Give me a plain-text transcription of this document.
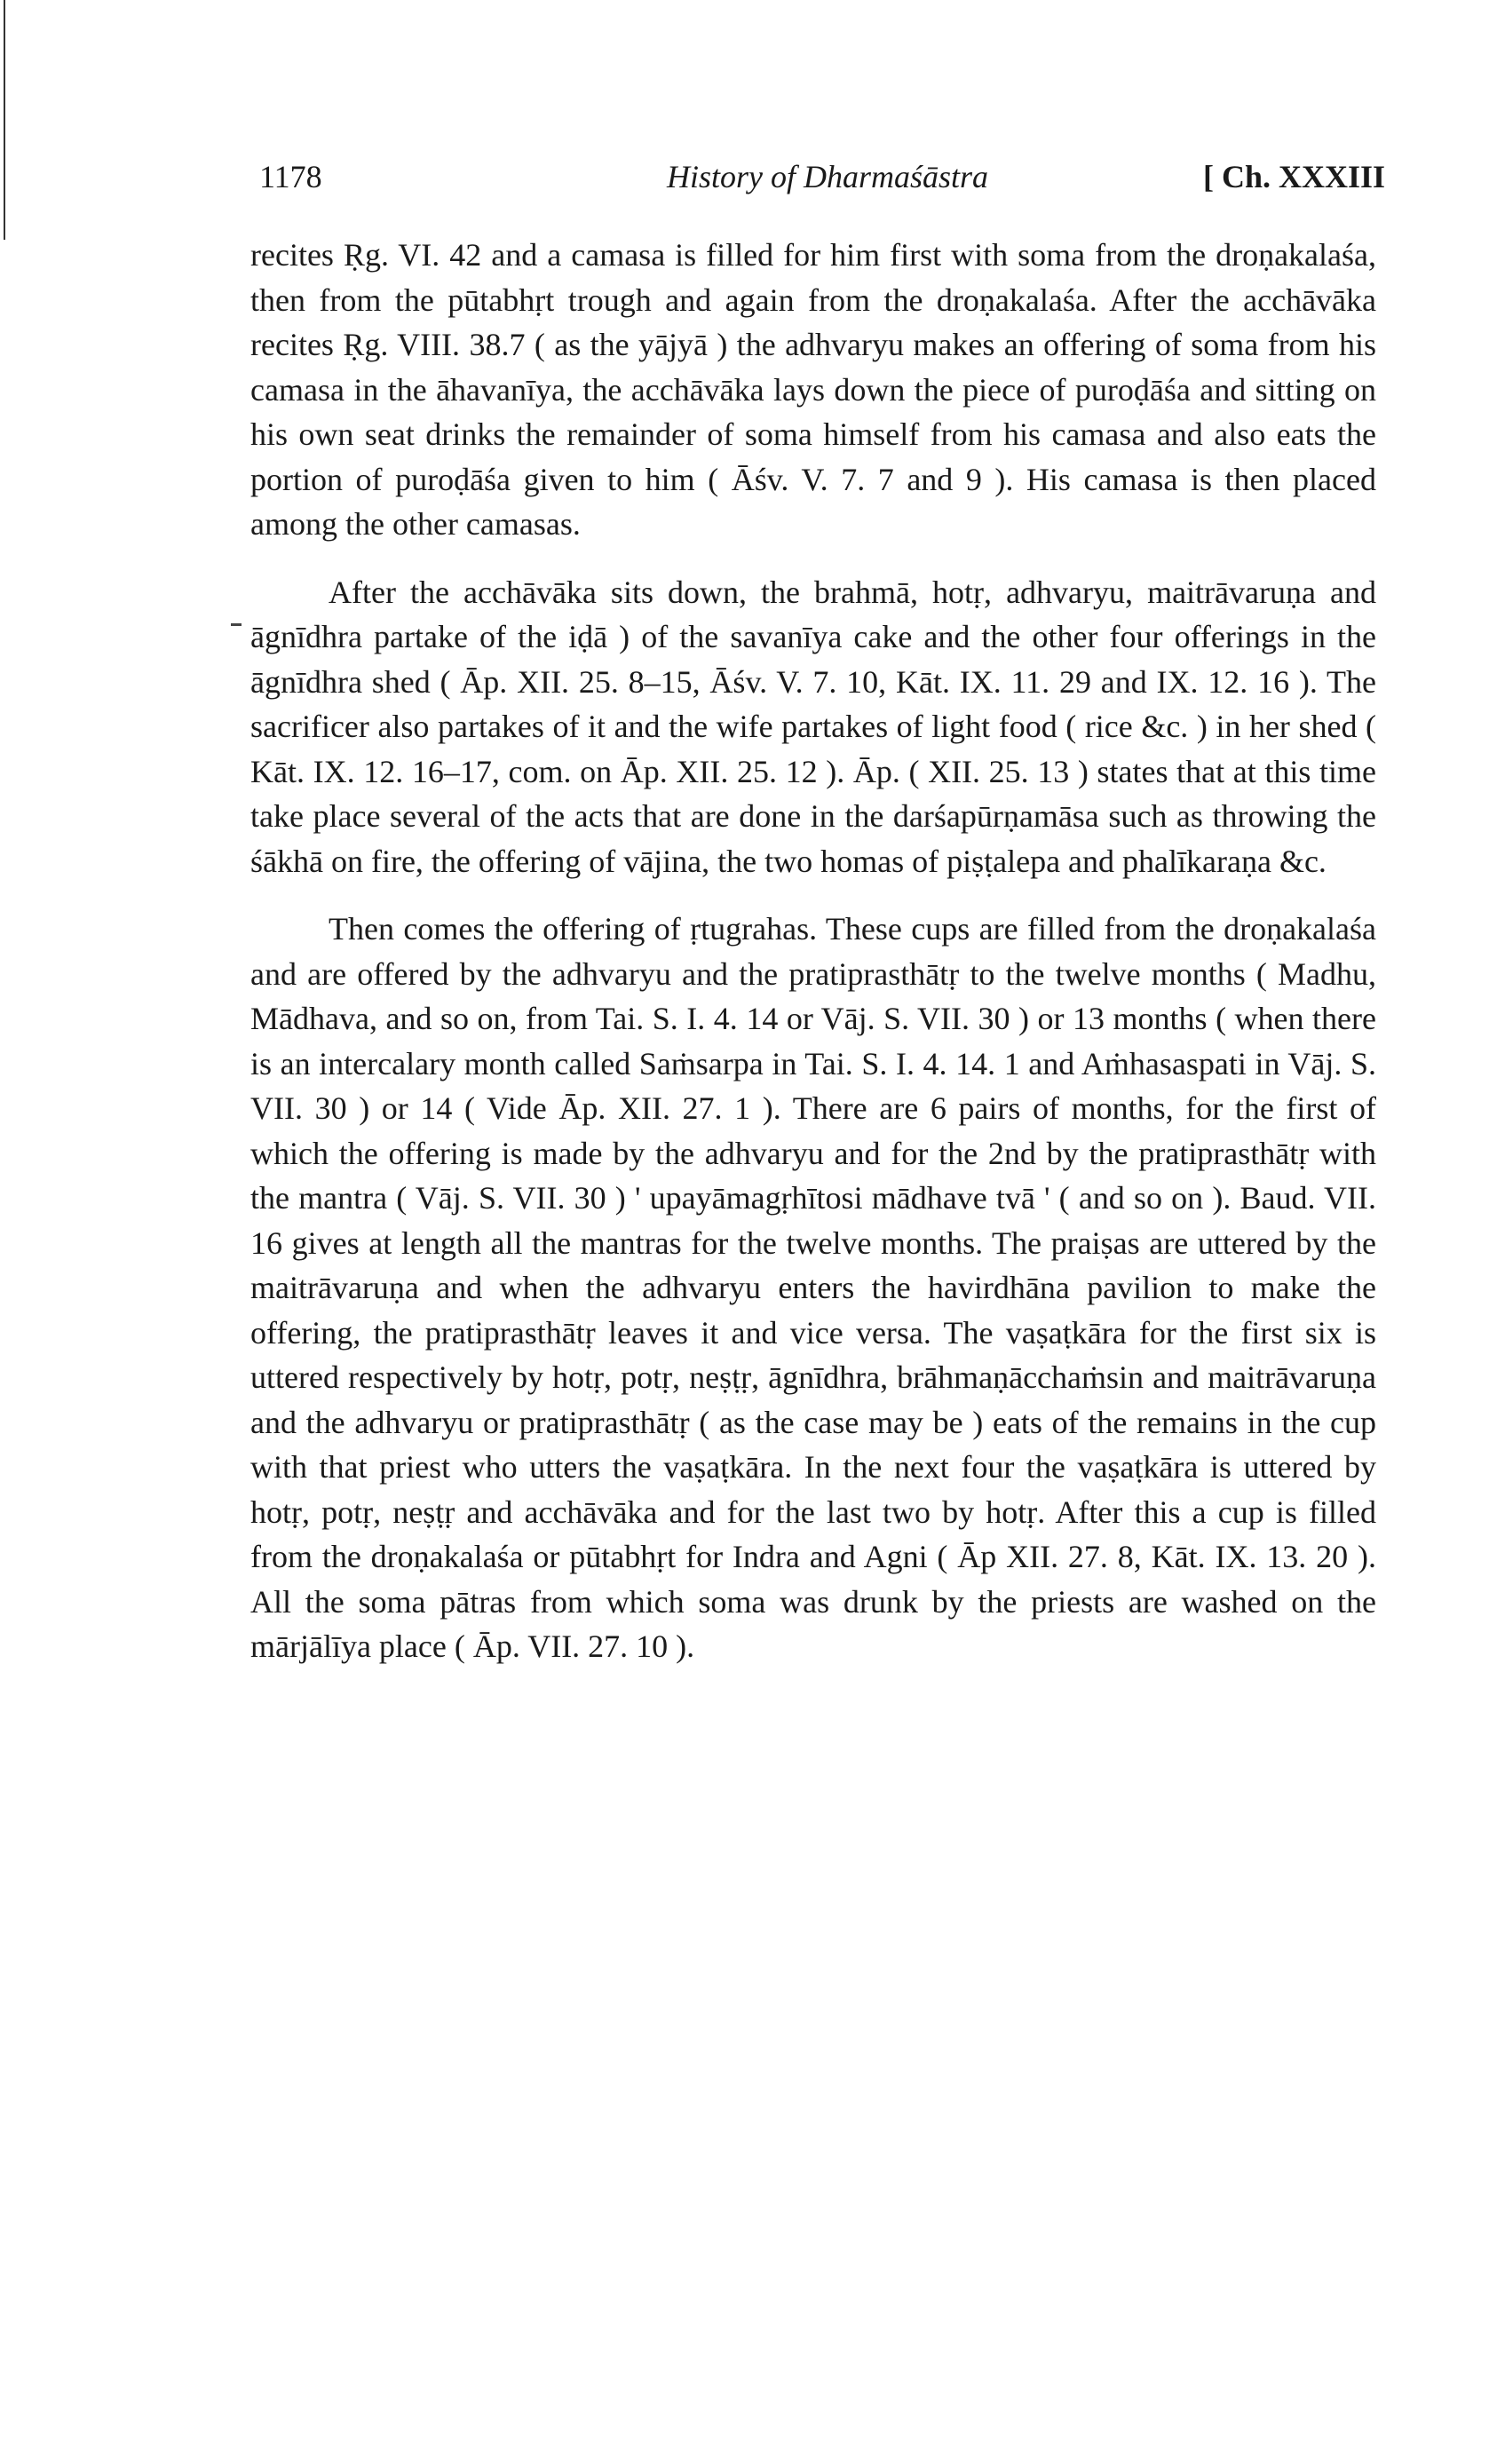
1178	History of Dharmaśāstra	[ Ch. XXXIII

recites Ṛg. VI. 42 and a camasa is filled for him first with soma from the droṇakalaśa, then from the pūtabhṛt trough and again from the droṇakalaśa. After the acchāvāka recites Ṛg. VIII. 38.7 ( as the yājyā ) the adhvaryu makes an offering of soma from his camasa in the āhavanīya, the acchāvāka lays down the piece of puroḍāśa and sitting on his own seat drinks the remainder of soma himself from his camasa and also eats the portion of puroḍāśa given to him ( Āśv. V. 7. 7 and 9 ). His camasa is then placed among the other camasas.

After the acchāvāka sits down, the brahmā, hotṛ, adhvaryu, maitrāvaruṇa and āgnīdhra partake of the iḍā ) of the savanīya cake and the other four offerings in the āgnīdhra shed ( Āp. XII. 25. 8–15, Āśv. V. 7. 10, Kāt. IX. 11. 29 and IX. 12. 16 ). The sacrificer also partakes of it and the wife partakes of light food ( rice &c. ) in her shed ( Kāt. IX. 12. 16–17, com. on Āp. XII. 25. 12 ). Āp. ( XII. 25. 13 ) states that at this time take place several of the acts that are done in the darśapūrṇamāsa such as throwing the śākhā on fire, the offering of vājina, the two homas of piṣṭalepa and phalīkaraṇa &c.

Then comes the offering of ṛtugrahas. These cups are filled from the droṇakalaśa and are offered by the adhvaryu and the pratiprasthātṛ to the twelve months ( Madhu, Mādhava, and so on, from Tai. S. I. 4. 14 or Vāj. S. VII. 30 ) or 13 months ( when there is an intercalary month called Saṁsarpa in Tai. S. I. 4. 14. 1 and Aṁhasaspati in Vāj. S. VII. 30 ) or 14 ( Vide Āp. XII. 27. 1 ). There are 6 pairs of months, for the first of which the offering is made by the adhvaryu and for the 2nd by the pratiprasthātṛ with the mantra ( Vāj. S. VII. 30 ) ' upayāmagṛhītosi mādhave tvā ' ( and so on ). Baud. VII. 16 gives at length all the mantras for the twelve months. The praiṣas are uttered by the maitrāvaruṇa and when the adhvaryu enters the havirdhāna pavilion to make the offering, the pratiprasthātṛ leaves it and vice versa. The vaṣaṭkāra for the first six is uttered respectively by hotṛ, potṛ, neṣṭṛ, āgnīdhra, brāhmaṇācchaṁsin and maitrāvaruṇa and the adhvaryu or pratiprasthātṛ ( as the case may be ) eats of the remains in the cup with that priest who utters the vaṣaṭkāra. In the next four the vaṣaṭkāra is uttered by hotṛ, potṛ, neṣṭṛ and acchāvāka and for the last two by hotṛ. After this a cup is filled from the droṇakalaśa or pūtabhṛt for Indra and Agni ( Āp XII. 27. 8, Kāt. IX. 13. 20 ). All the soma pātras from which soma was drunk by the priests are washed on the mārjālīya place ( Āp. VII. 27. 10 ).
